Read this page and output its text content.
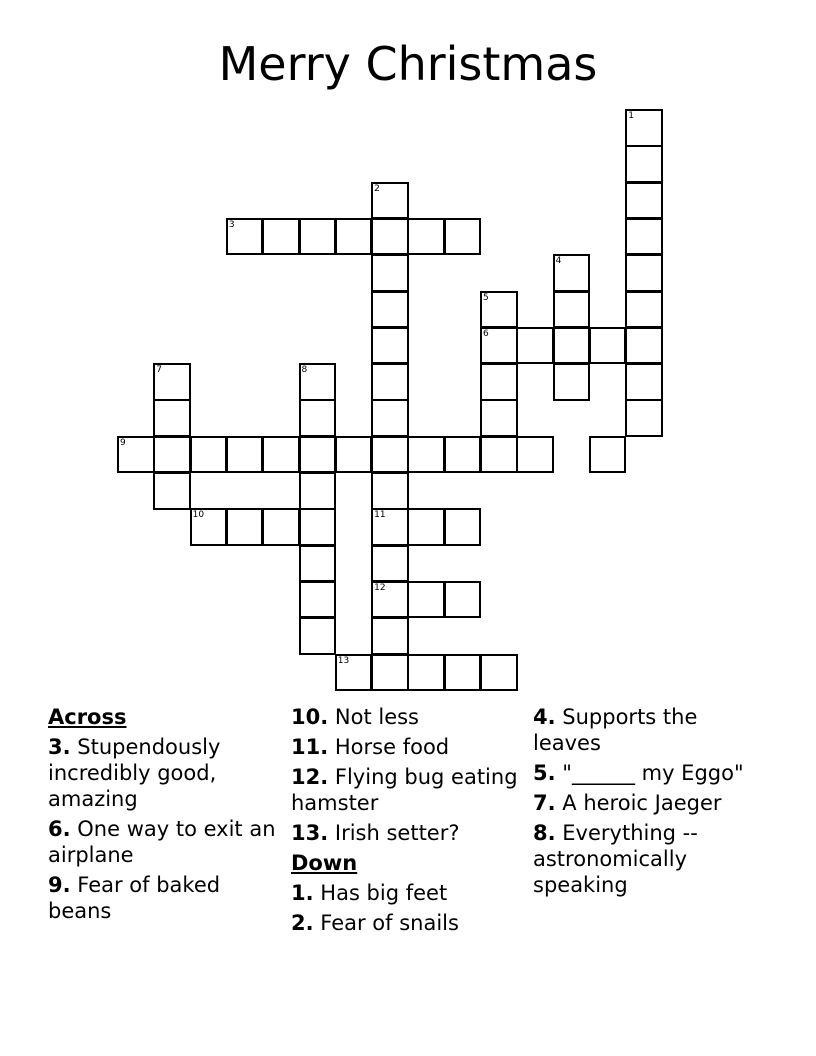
Merry Christmas
1
2
11
12
3
4
5
6
7	8
9
10
13
Across
3. Stupendously incredibly good, amazing
6. One way to exit an airplane
9. Fear of baked beans
10. Not less
11. Horse food
12. Flying bug eating hamster
13. Irish setter?
Down
1. Has big feet
2. Fear of snails
4. Supports the leaves
5. "______ my Eggo"
7. A heroic Jaeger
8. Everything -- astronomically speaking
